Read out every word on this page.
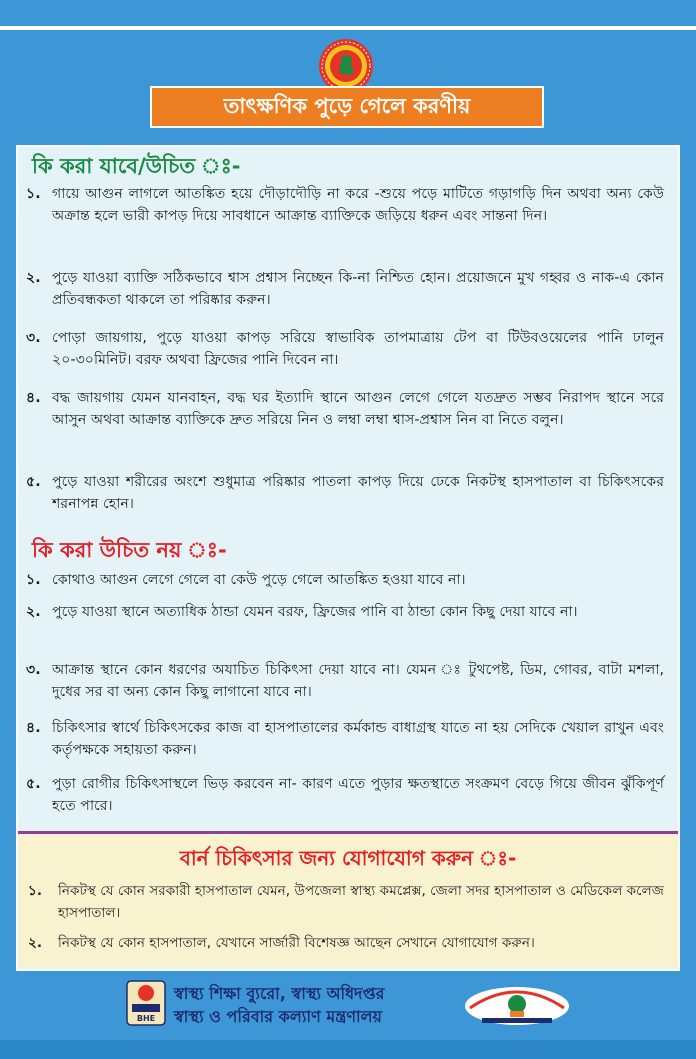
তাৎক্ষণিক পুড়ে গেলে করণীয়
কি করা যাবে/উচিত ঃ-
১. গায়ে আগুন লাগলে আতঙ্কিত হয়ে দৌড়াদৌড়ি না করে -শুয়ে পড়ে মাটিতে গড়াগড়ি দিন অথবা অন্য কেউ অক্রান্ত হলে ভারী কাপড় দিয়ে সাবধানে আক্রান্ত ব্যাক্তিকে জড়িয়ে ধরুন এবং সান্তনা দিন।
২. পুড়ে যাওয়া ব্যাক্তি সঠিকভাবে শ্বাস প্রশ্বাস নিচ্ছেন কি-না নিশ্চিত হোন। প্রয়োজনে মুখ গহ্বর ও নাক-এ কোন প্রতিবন্ধকতা থাকলে তা পরিষ্কার করুন।
৩. পোড়া জায়গায়, পুড়ে যাওয়া কাপড় সরিয়ে স্বাভাবিক তাপমাত্রায় টেপ বা টিউবওয়েলের পানি ঢালুন ২০-৩০মিনিট। বরফ অথবা ফ্রিজের পানি দিবেন না।
৪. বদ্ধ জায়গায় যেমন যানবাহন, বদ্ধ ঘর ইত্যাদি স্থানে আগুন লেগে গেলে যতদ্রুত সম্ভব নিরাপদ স্থানে সরে আসুন অথবা আক্রান্ত ব্যাক্তিকে দ্রুত সরিয়ে নিন ও লম্বা লম্বা শ্বাস-প্রশ্বাস নিন বা নিতে বলুন।
৫. পুড়ে যাওয়া শরীরের অংশে শুধুমাত্র পরিষ্কার পাতলা কাপড় দিয়ে ঢেকে নিকটস্থ হাসপাতাল বা চিকিৎসকের শরনাপন্ন হোন।
কি করা উচিত নয় ঃ-
১. কোথাও আগুন লেগে গেলে বা কেউ পুড়ে গেলে আতঙ্কিত হওয়া যাবে না।
২. পুড়ে যাওয়া স্থানে অত্যাধিক ঠান্ডা যেমন বরফ, ফ্রিজের পানি বা ঠান্ডা কোন কিছু দেয়া যাবে না।
৩. আক্রান্ত স্থানে কোন ধরণের অযাচিত চিকিৎসা দেয়া যাবে না। যেমন ঃ টুথপেষ্ট, ডিম, গোবর, বাটা মশলা, দুধের সর বা অন্য কোন কিছু লাগানো যাবে না।
৪. চিকিৎসার স্বার্থে চিকিৎসকের কাজ বা হাসপাতালের কর্মকান্ড বাধাগ্রস্থ যাতে না হয় সেদিকে খেয়াল রাখুন এবং কর্তৃপক্ষকে সহায়তা করুন।
৫. পুড়া রোগীর চিকিৎসাস্থলে ভিড় করবেন না- কারণ এতে পুড়ার ক্ষতস্থাতে সংক্রমণ বেড়ে গিয়ে জীবন ঝুঁকিপূর্ণ হতে পারে।
বার্ন চিকিৎসার জন্য যোগাযোগ করুন ঃ-
১.	নিকটস্থ যে কোন সরকারী হাসপাতাল যেমন, উপজেলা স্বাস্থ্য কমপ্লেক্স, জেলা সদর হাসপাতাল ও মেডিকেল কলেজ হাসপাতাল।
২.	নিকটস্থ যে কোন হাসপাতাল, যেখানে সার্জারী বিশেষজ্ঞ আছেন সেখানে যোগাযোগ করুন।
BHE
স্বাস্থ্য শিক্ষা ব্যুরো, স্বাস্থ্য অধিদপ্তর
স্বাস্থ্য ও পরিবার কল্যাণ মন্ত্রণালয়
